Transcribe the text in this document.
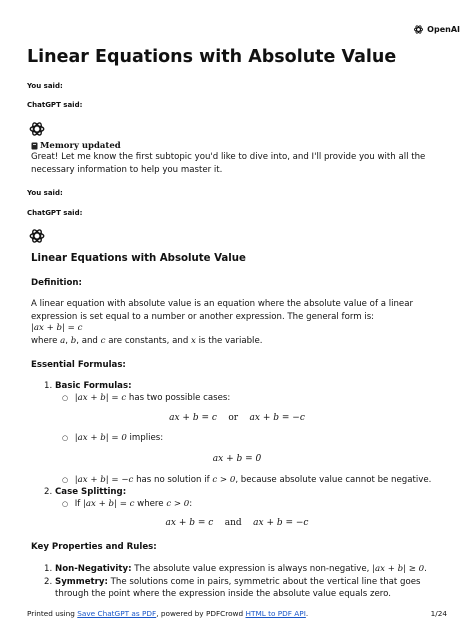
OpenAI
Linear Equations with Absolute Value
You said:
ChatGPT said:
Memory updated
Great! Let me know the first subtopic you'd like to dive into, and I'll provide you with all the necessary information to help you master it.
You said:
ChatGPT said:
Linear Equations with Absolute Value
Definition:
A linear equation with absolute value is an equation where the absolute value of a linear expression is set equal to a number or another expression. The general form is:
|ax + b| = c
where a, b, and c are constants, and x is the variable.
Essential Formulas:
1. Basic Formulas:
○ |ax + b| = c has two possible cases:
ax + b = c or ax + b = −c
○ |ax + b| = 0 implies:
ax + b = 0
○ |ax + b| = −c has no solution if c > 0, because absolute value cannot be negative.
2. Case Splitting:
○ If |ax + b| = c where c > 0:
ax + b = c and ax + b = −c
Key Properties and Rules:
1. Non-Negativity: The absolute value expression is always non-negative, |ax + b| ≥ 0.
2. Symmetry: The solutions come in pairs, symmetric about the vertical line that goes through the point where the expression inside the absolute value equals zero.
Printed using Save ChatGPT as PDF, powered by PDFCrowd HTML to PDF API.	1/24
